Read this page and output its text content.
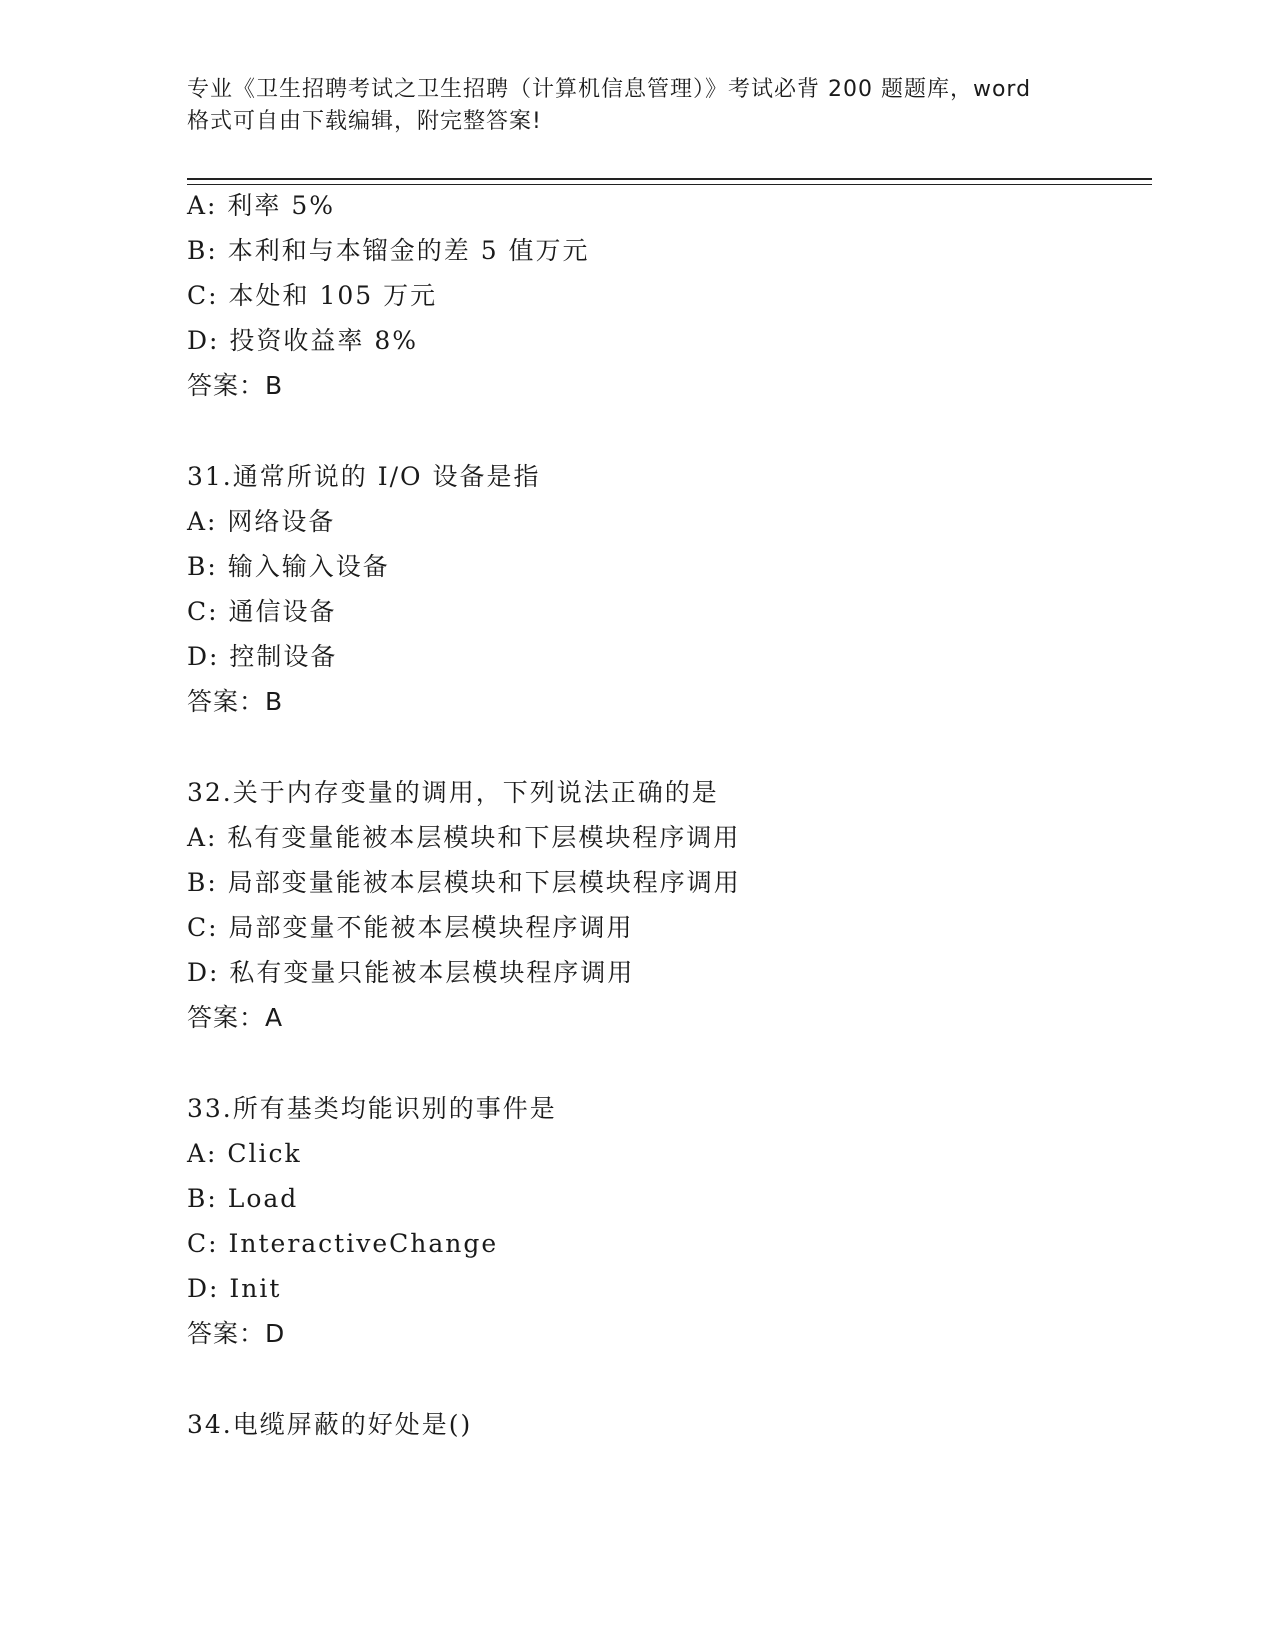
专业《卫生招聘考试之卫生招聘（计算机信息管理）》考试必背 200 题题库，word
格式可自由下载编辑，附完整答案!
A: 利率 5%
B: 本利和与本镏金的差 5 值万元
C: 本处和 105 万元
D: 投资收益率 8%
答案：B
31.通常所说的 I/O 设备是指
A: 网络设备
B: 输入输入设备
C: 通信设备
D: 控制设备
答案：B
32.关于内存变量的调用，下列说法正确的是
A: 私有变量能被本层模块和下层模块程序调用
B: 局部变量能被本层模块和下层模块程序调用
C: 局部变量不能被本层模块程序调用
D: 私有变量只能被本层模块程序调用
答案：A
33.所有基类均能识别的事件是
A: Click
B: Load
C: InteractiveChange
D: Init
答案：D
34.电缆屏蔽的好处是()
